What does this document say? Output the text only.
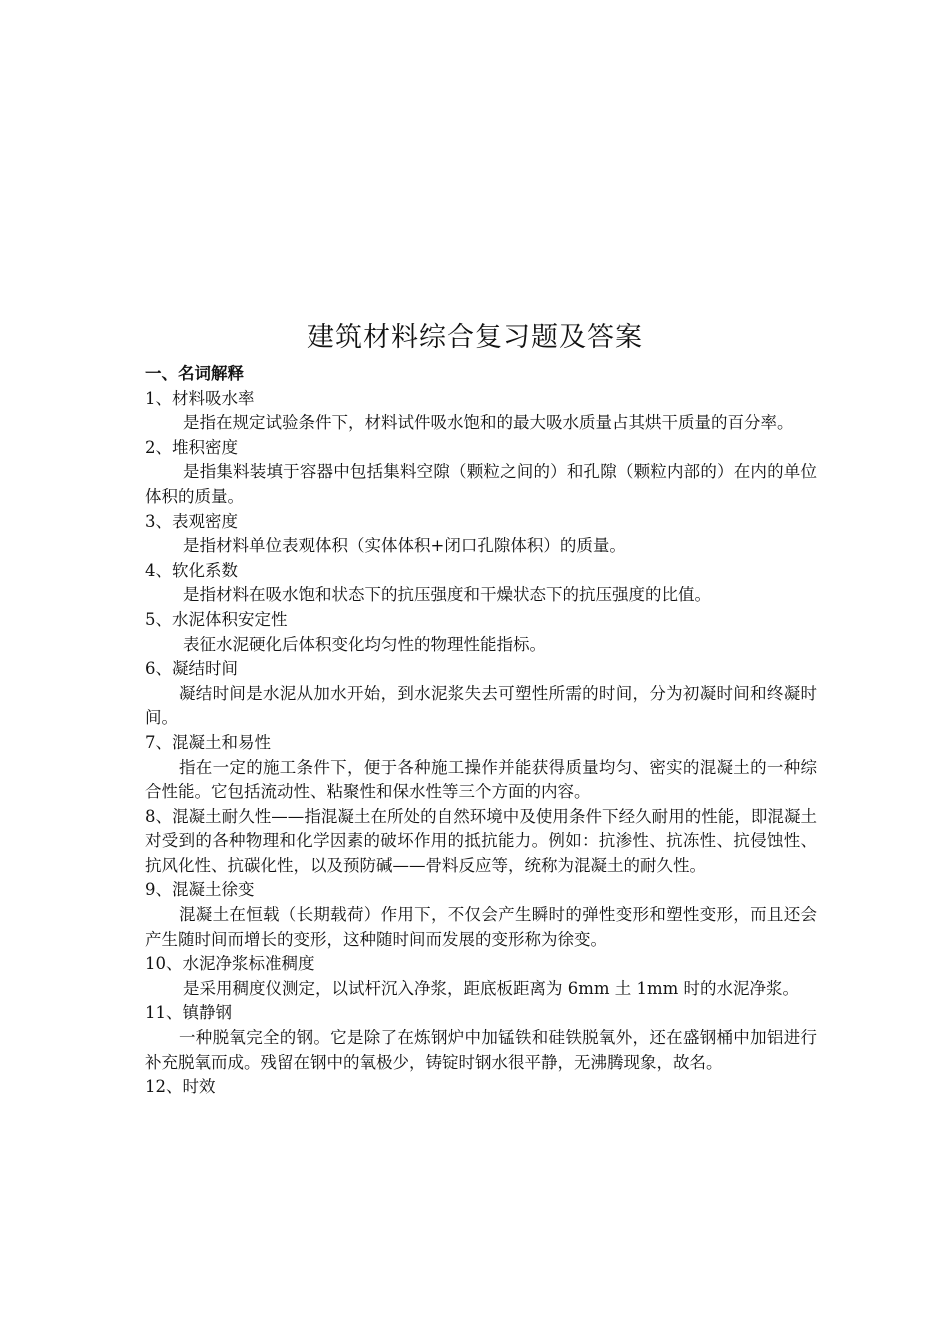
建筑材料综合复习题及答案

一、名词解释

1、材料吸水率

是指在规定试验条件下，材料试件吸水饱和的最大吸水质量占其烘干质量的百分率。

2、堆积密度

是指集料装填于容器中包括集料空隙（颗粒之间的）和孔隙（颗粒内部的）在内的单位体积的质量。

3、表观密度

是指材料单位表观体积（实体体积+闭口孔隙体积）的质量。

4、软化系数

是指材料在吸水饱和状态下的抗压强度和干燥状态下的抗压强度的比值。

5、水泥体积安定性

表征水泥硬化后体积变化均匀性的物理性能指标。

6、凝结时间

凝结时间是水泥从加水开始，到水泥浆失去可塑性所需的时间，分为初凝时间和终凝时间。

7、混凝土和易性

指在一定的施工条件下，便于各种施工操作并能获得质量均匀、密实的混凝土的一种综合性能。它包括流动性、粘聚性和保水性等三个方面的内容。

8、混凝土耐久性——指混凝土在所处的自然环境中及使用条件下经久耐用的性能，即混凝土对受到的各种物理和化学因素的破坏作用的抵抗能力。例如：抗渗性、抗冻性、抗侵蚀性、抗风化性、抗碳化性，以及预防碱——骨料反应等，统称为混凝土的耐久性。

9、混凝土徐变

混凝土在恒载（长期载荷）作用下，不仅会产生瞬时的弹性变形和塑性变形，而且还会产生随时间而增长的变形，这种随时间而发展的变形称为徐变。

10、水泥净浆标准稠度

是采用稠度仪测定，以试杆沉入净浆，距底板距离为 6mm 土 1mm 时的水泥净浆。

11、镇静钢

一种脱氧完全的钢。它是除了在炼钢炉中加锰铁和硅铁脱氧外，还在盛钢桶中加铝进行补充脱氧而成。残留在钢中的氧极少，铸锭时钢水很平静，无沸腾现象，故名。

12、时效
